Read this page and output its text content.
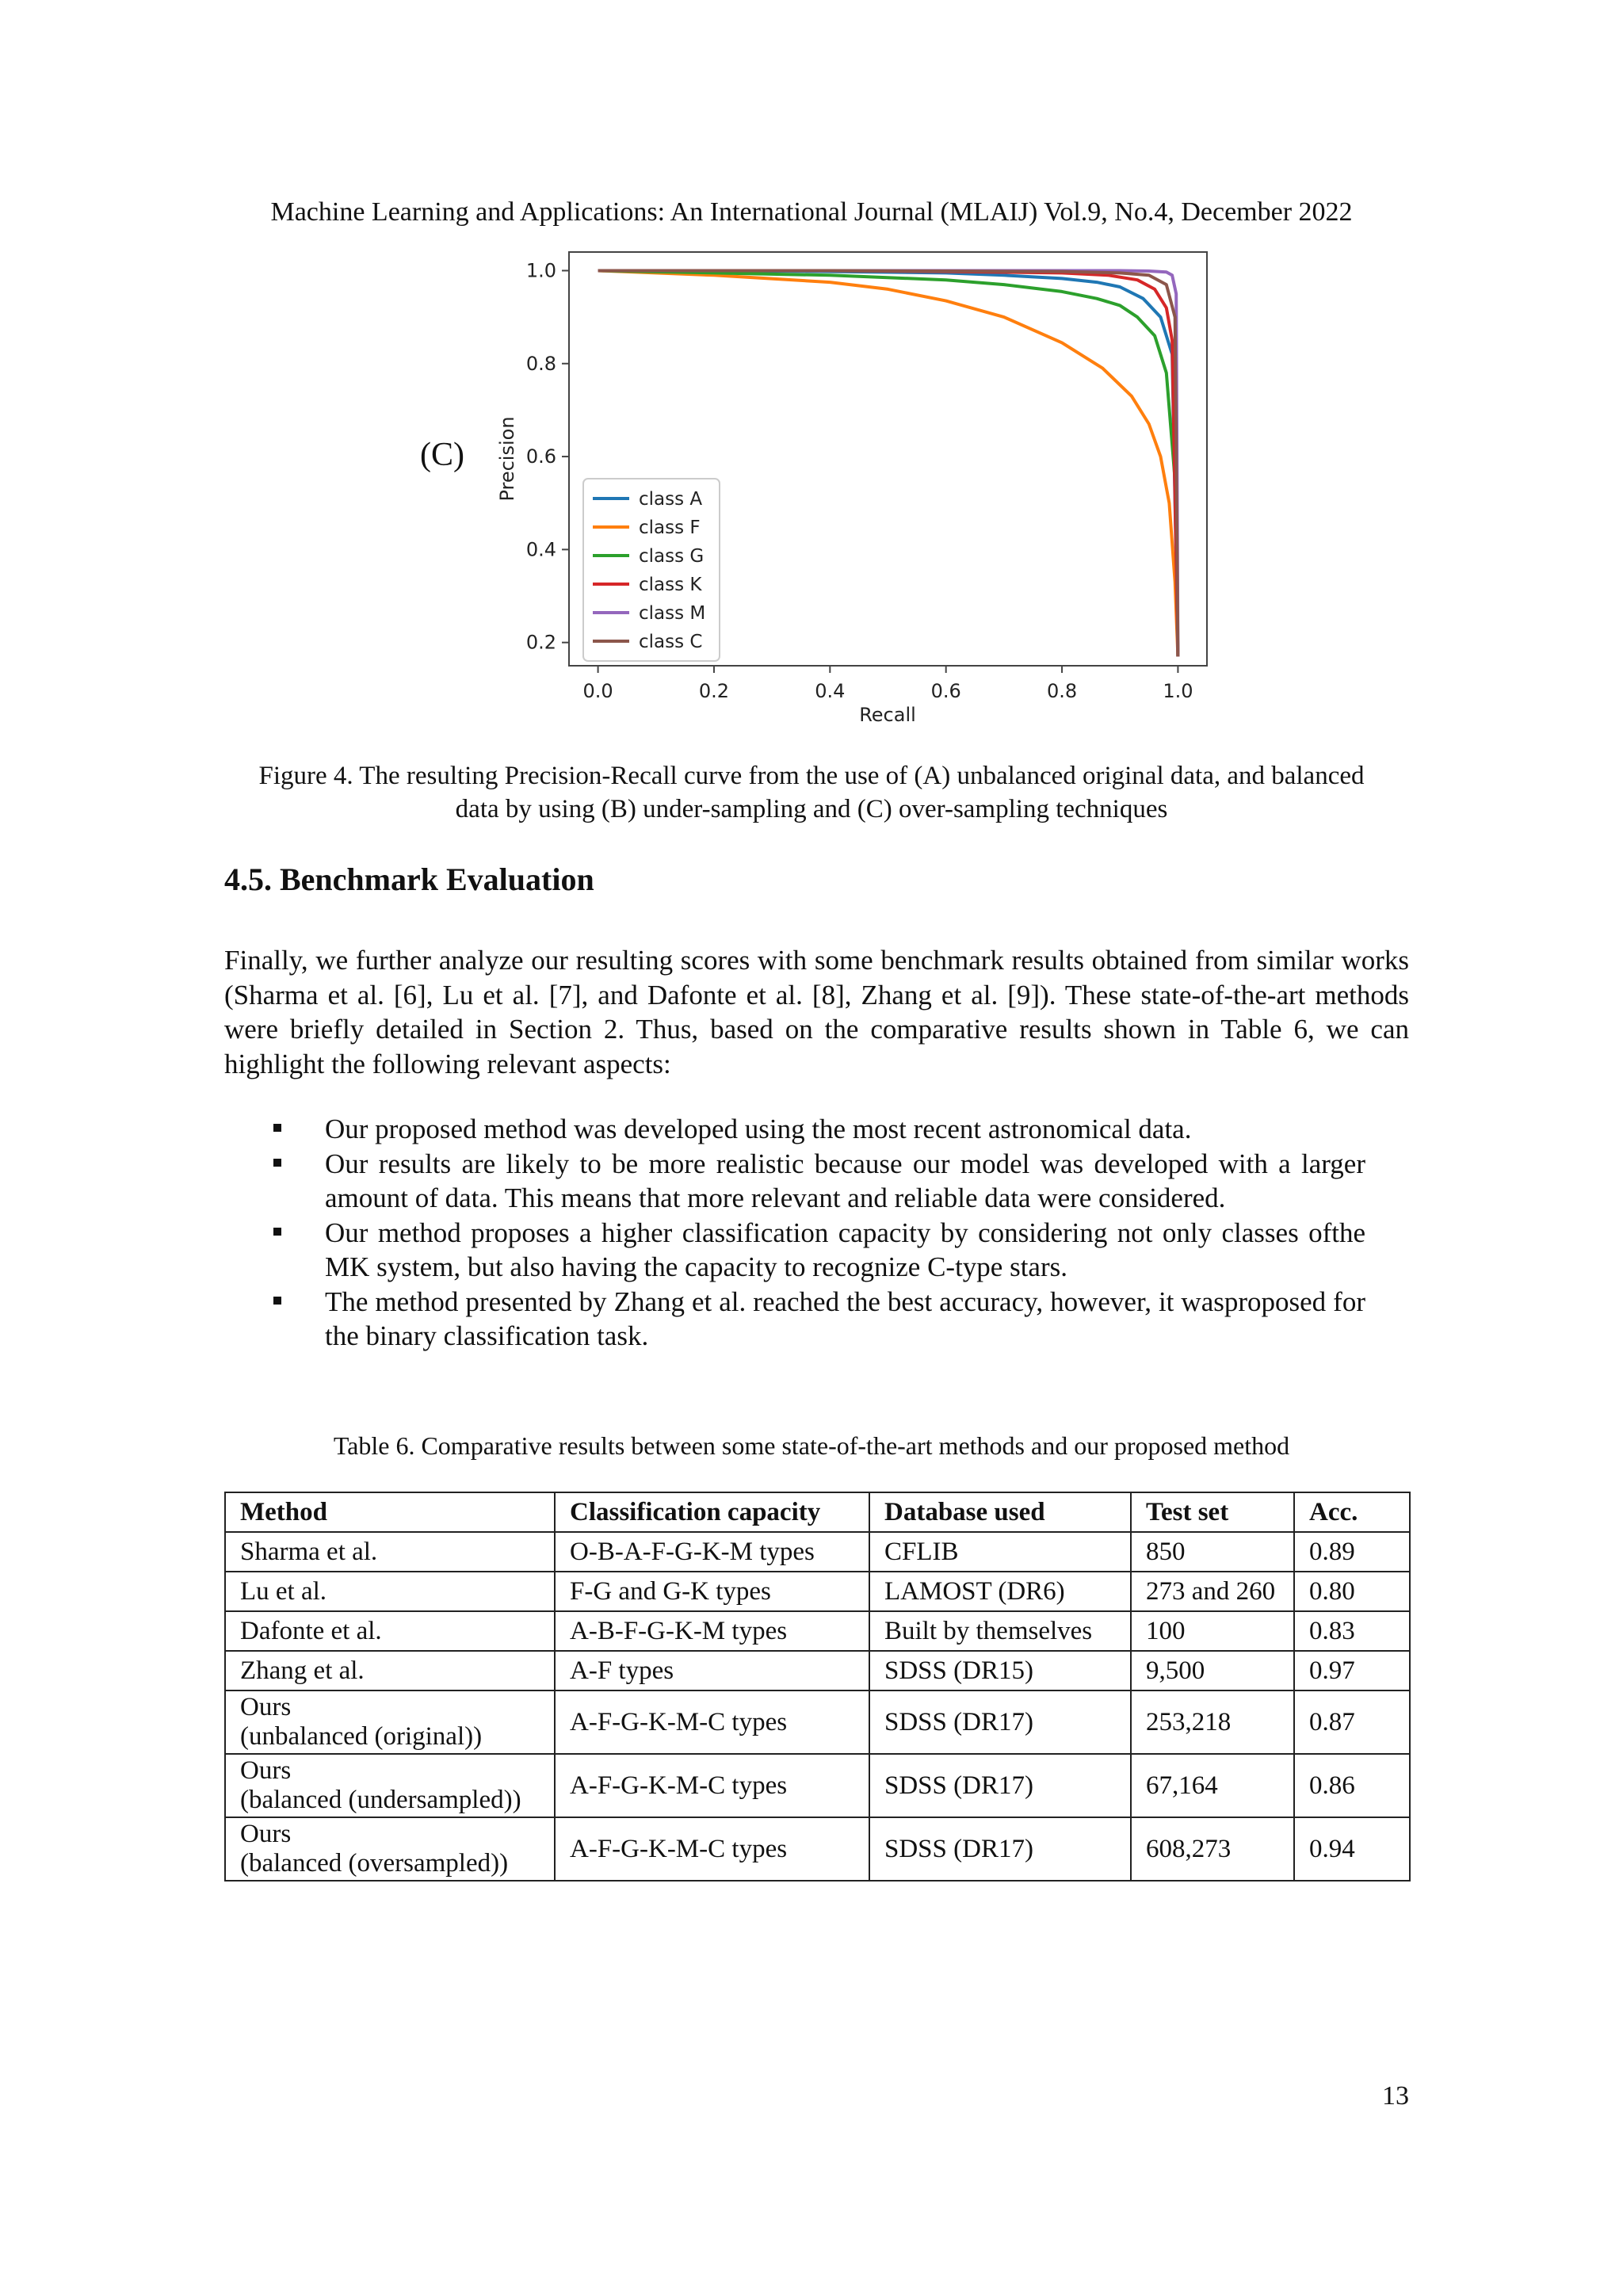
Machine Learning and Applications: An International Journal (MLAIJ) Vol.9, No.4, December 2022
(C)
0.0	0.2	0.4	0.6	0.8	1.0
0.2
0.4
0.6
0.8
1.0
class A
class F
class G
class K
class M
class C
Recall
Precision
Figure 4. The resulting Precision-Recall curve from the use of (A) unbalanced original data, and balanced
data by using (B) under-sampling and (C) over-sampling techniques
4.5. Benchmark Evaluation
Finally, we further analyze our resulting scores with some benchmark results obtained from similar works (Sharma et al. [6], Lu et al. [7], and Dafonte et al. [8], Zhang et al. [9]). These state-of-the-art methods were briefly detailed in Section 2. Thus, based on the comparative results shown in Table 6, we can highlight the following relevant aspects:
Our proposed method was developed using the most recent astronomical data.
Our results are likely to be more realistic because our model was developed with a larger amount of data. This means that more relevant and reliable data were considered.
Our method proposes a higher classification capacity by considering not only classes ofthe MK system, but also having the capacity to recognize C-type stars.
The method presented by Zhang et al. reached the best accuracy, however, it wasproposed for the binary classification task.
Table 6. Comparative results between some state-of-the-art methods and our proposed method
Method	Classification capacity	Database used	Test set	Acc.
Sharma et al.	O-B-A-F-G-K-M types	CFLIB	850	0.89
Lu et al.	F-G and G-K types	LAMOST (DR6)	273 and 260	0.80
Dafonte et al.	A-B-F-G-K-M types	Built by themselves	100	0.83
Zhang et al.	A-F types	SDSS (DR15)	9,500	0.97

Ours
(unbalanced (original))	A-F-G-K-M-C types	SDSS (DR17)	253,218	0.87

Ours
(balanced (undersampled))	A-F-G-K-M-C types	SDSS (DR17)	67,164	0.86

Ours
(balanced (oversampled))	A-F-G-K-M-C types	SDSS (DR17)	608,273	0.94
13
